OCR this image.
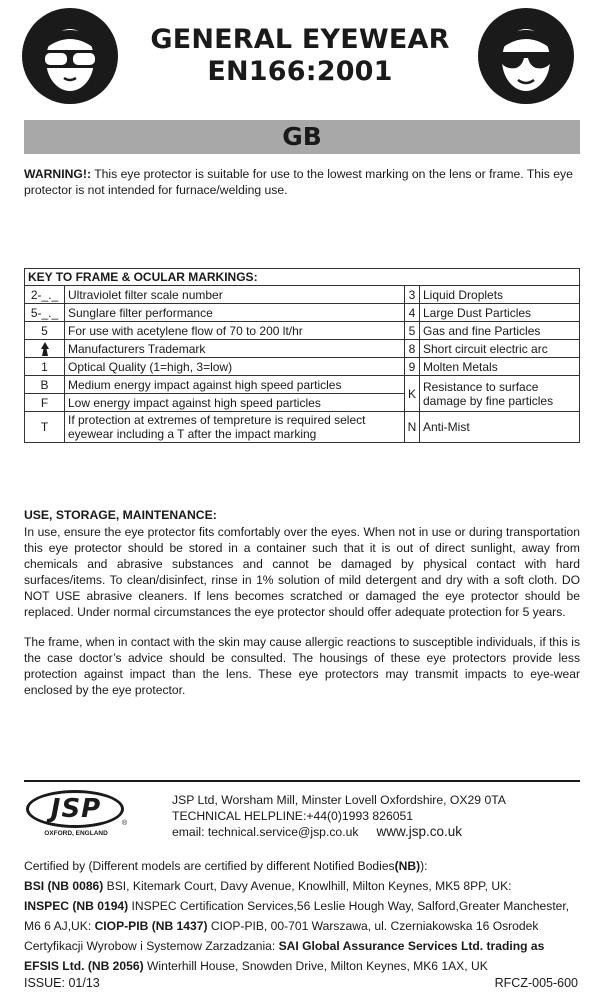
GENERAL EYEWEAR
EN166:2001
GB
WARNING!: This eye protector is suitable for use to the lowest marking on the lens or frame. This eye protector is not intended for furnace/welding use.
KEY TO FRAME & OCULAR MARKINGS:			
2-_._	Ultraviolet filter scale number	3	Liquid Droplets
5-_._	Sunglare filter performance	4	Large Dust Particles
5	For use with acetylene flow of 70 to 200 lt/hr	5	Gas and fine Particles
	Manufacturers Trademark	8	Short circuit electric arc
1	Optical Quality (1=high, 3=low)	9	Molten Metals
B	Medium energy impact against high speed particles	K	Resistance to surface damage by fine particles
F	Low energy impact against high speed particles		
T	If protection at extremes of tempreture is required select eyewear including a T after the impact marking	N	Anti-Mist
USE, STORAGE, MAINTENANCE:
In use, ensure the eye protector fits comfortably over the eyes. When not in use or during transportation this eye protector should be stored in a container such that it is out of direct sunlight, away from chemicals and abrasive substances and cannot be damaged by physical contact with hard surfaces/items. To clean/disinfect, rinse in 1% solution of mild detergent and dry with a soft cloth. DO NOT USE abrasive cleaners. If lens becomes scratched or damaged the eye protector should be replaced. Under normal circumstances the eye protector should offer adequate protection for 5 years.
The frame, when in contact with the skin may cause allergic reactions to susceptible individuals, if this is the case doctor’s advice should be consulted. The housings of these eye protectors provide less protection against impact than the lens. These eye protectors may transmit impacts to eye-wear enclosed by the eye protector.
JSP	®
OXFORD, ENGLAND
JSP Ltd, Worsham Mill, Minster Lovell Oxfordshire, OX29 0TA
TECHNICAL HELPLINE:+44(0)1993 826051
email: technical.service@jsp.co.uk www.jsp.co.uk
Certified by (Different models are certified by different Notified Bodies(NB)):
BSI (NB 0086) BSI, Kitemark Court, Davy Avenue, Knowlhill, Milton Keynes, MK5 8PP, UK:
INSPEC (NB 0194) INSPEC Certification Services,56 Leslie Hough Way, Salford,Greater Manchester, M6 6 AJ,UK: CIOP-PIB (NB 1437) CIOP-PIB, 00-701 Warszawa, ul. Czerniakowska 16 Osrodek Certyfikacji Wyrobow i Systemow Zarzadzania: SAI Global Assurance Services Ltd. trading as EFSIS Ltd. (NB 2056) Winterhill House, Snowden Drive, Milton Keynes, MK6 1AX, UK
ISSUE: 01/13	RFCZ-005-600
